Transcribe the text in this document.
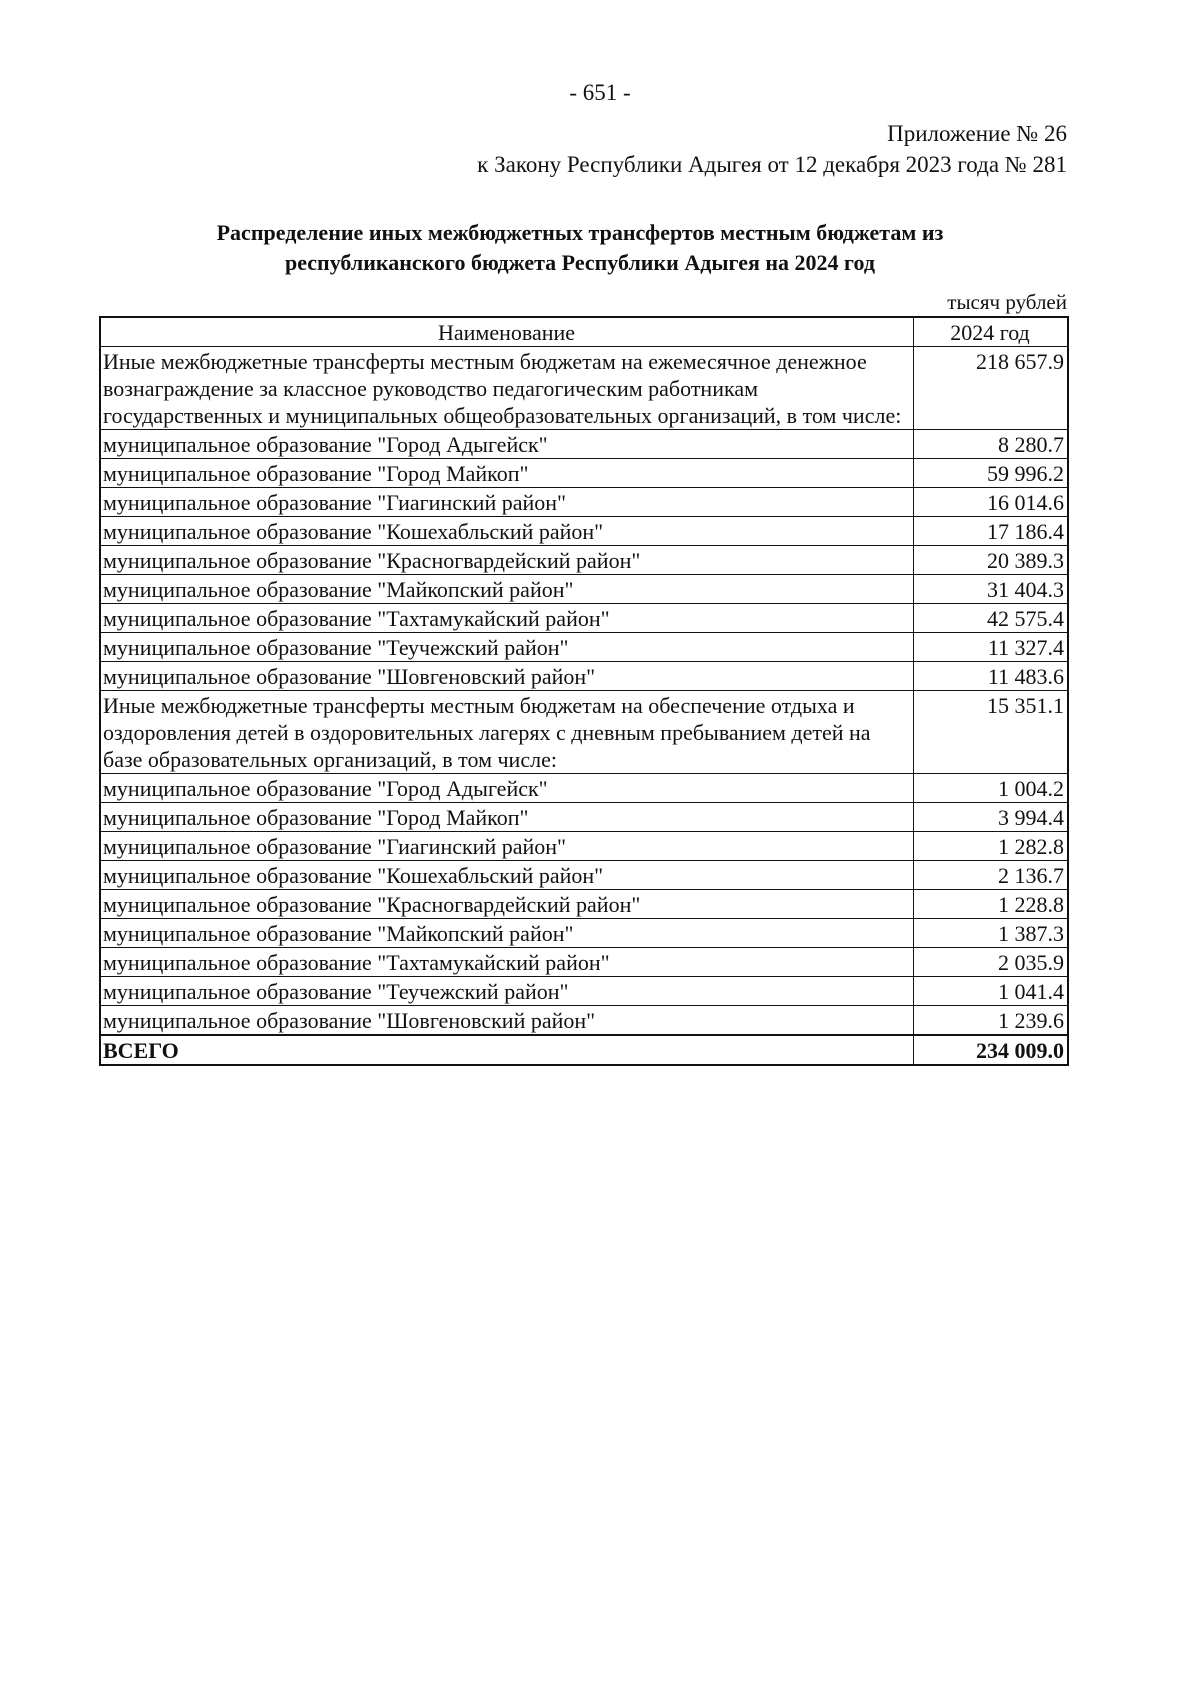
- 651 -
Приложение № 26
к Закону Республики Адыгея от 12 декабря 2023 года № 281
Распределение иных межбюджетных трансфертов местным бюджетам из
республиканского бюджета Республики Адыгея на 2024 год
тысяч рублей
Наименование	2024 год
Иные межбюджетные трансферты местным бюджетам на ежемесячное денежное вознаграждение за классное руководство педагогическим работникам государственных и муниципальных общеобразовательных организаций, в том числе:	218 657.9
муниципальное образование "Город Адыгейск"	8 280.7
муниципальное образование "Город Майкоп"	59 996.2
муниципальное образование "Гиагинский район"	16 014.6
муниципальное образование "Кошехабльский район"	17 186.4
муниципальное образование "Красногвардейский район"	20 389.3
муниципальное образование "Майкопский район"	31 404.3
муниципальное образование "Тахтамукайский район"	42 575.4
муниципальное образование "Теучежский район"	11 327.4
муниципальное образование "Шовгеновский район"	11 483.6
Иные межбюджетные трансферты местным бюджетам на обеспечение отдыха и оздоровления детей в оздоровительных лагерях с дневным пребыванием детей на базе образовательных организаций, в том числе:	15 351.1
муниципальное образование "Город Адыгейск"	1 004.2
муниципальное образование "Город Майкоп"	3 994.4
муниципальное образование "Гиагинский район"	1 282.8
муниципальное образование "Кошехабльский район"	2 136.7
муниципальное образование "Красногвардейский район"	1 228.8
муниципальное образование "Майкопский район"	1 387.3
муниципальное образование "Тахтамукайский район"	2 035.9
муниципальное образование "Теучежский район"	1 041.4
муниципальное образование "Шовгеновский район"	1 239.6
ВСЕГО	234 009.0
